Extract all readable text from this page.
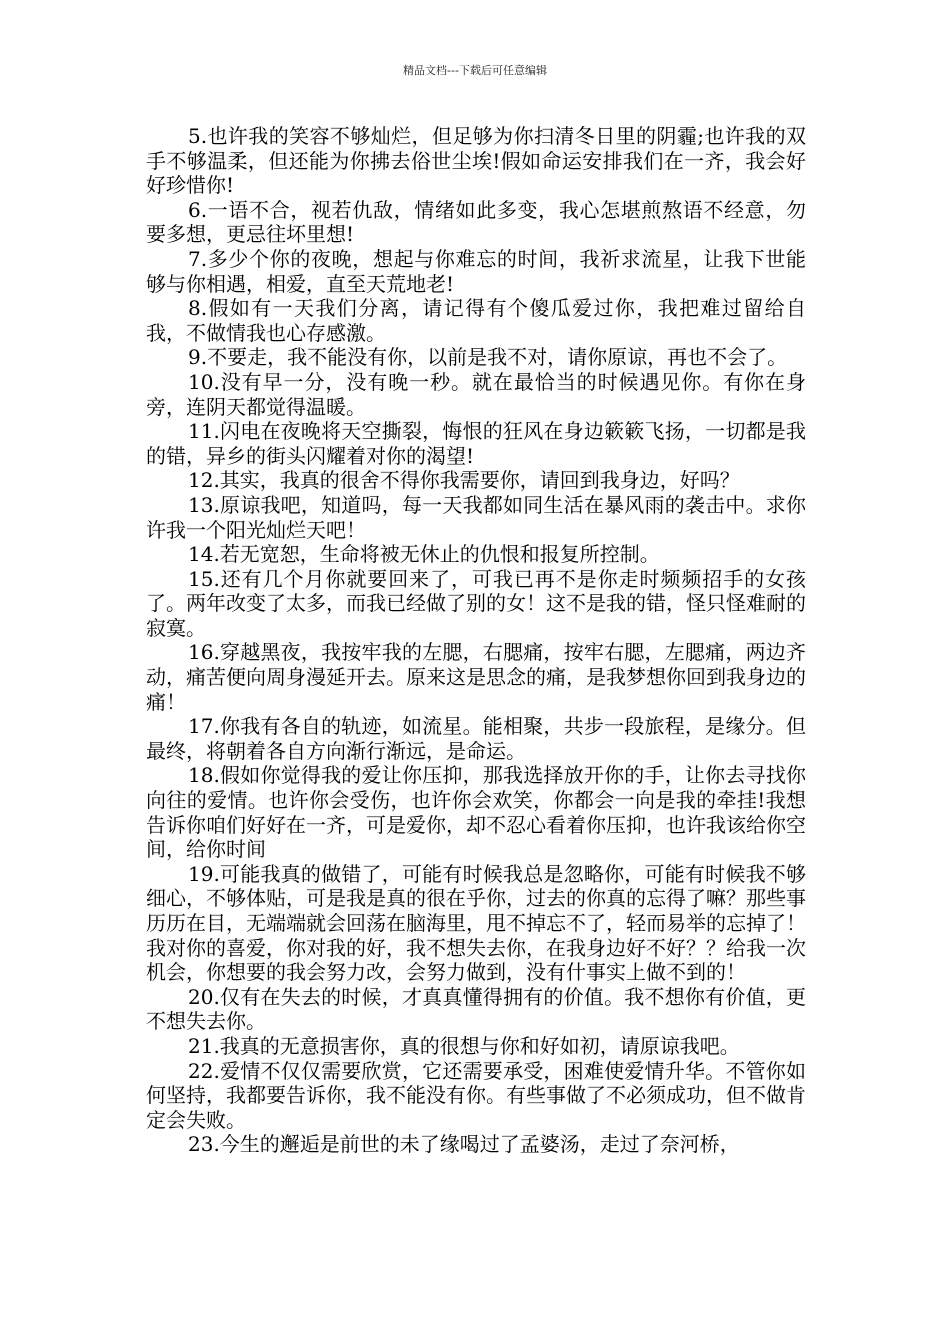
精品文档---下载后可任意编辑

5.也许我的笑容不够灿烂，但足够为你扫清冬日里的阴霾;也许我的双手不够温柔，但还能为你拂去俗世尘埃!假如命运安排我们在一齐，我会好好珍惜你!

6.一语不合，视若仇敌，情绪如此多变，我心怎堪煎熬语不经意，勿要多想，更忌往坏里想!

7.多少个你的夜晚，想起与你难忘的时间，我祈求流星，让我下世能够与你相遇，相爱，直至天荒地老!

8.假如有一天我们分离，请记得有个傻瓜爱过你，我把难过留给自我，不做情我也心存感激。

9.不要走，我不能没有你，以前是我不对，请你原谅，再也不会了。

10.没有早一分，没有晚一秒。就在最恰当的时候遇见你。有你在身旁，连阴天都觉得温暖。

11.闪电在夜晚将天空撕裂，悔恨的狂风在身边簌簌飞扬，一切都是我的错，异乡的街头闪耀着对你的渴望!

12.其实，我真的很舍不得你我需要你，请回到我身边，好吗？

13.原谅我吧，知道吗，每一天我都如同生活在暴风雨的袭击中。求你许我一个阳光灿烂天吧！

14.若无宽恕，生命将被无休止的仇恨和报复所控制。

15.还有几个月你就要回来了，可我已再不是你走时频频招手的女孩了。两年改变了太多，而我已经做了别的女！这不是我的错，怪只怪难耐的寂寞。

16.穿越黑夜，我按牢我的左腮，右腮痛，按牢右腮，左腮痛，两边齐动，痛苦便向周身漫延开去。原来这是思念的痛，是我梦想你回到我身边的痛！

17.你我有各自的轨迹，如流星。能相聚，共步一段旅程，是缘分。但最终，将朝着各自方向渐行渐远，是命运。

18.假如你觉得我的爱让你压抑，那我选择放开你的手，让你去寻找你向往的爱情。也许你会受伤，也许你会欢笑，你都会一向是我的牵挂!我想告诉你咱们好好在一齐，可是爱你，却不忍心看着你压抑，也许我该给你空间，给你时间

19.可能我真的做错了，可能有时候我总是忽略你，可能有时候我不够细心，不够体贴，可是我是真的很在乎你，过去的你真的忘得了嘛？那些事历历在目，无端端就会回荡在脑海里，甩不掉忘不了，轻而易举的忘掉了！我对你的喜爱，你对我的好，我不想失去你，在我身边好不好？？给我一次机会，你想要的我会努力改，会努力做到，没有什事实上做不到的！

20.仅有在失去的时候，才真真懂得拥有的价值。我不想你有价值，更不想失去你。

21.我真的无意损害你，真的很想与你和好如初，请原谅我吧。

22.爱情不仅仅需要欣赏，它还需要承受，困难使爱情升华。不管你如何坚持，我都要告诉你，我不能没有你。有些事做了不必须成功，但不做肯定会失败。

23.今生的邂逅是前世的未了缘喝过了孟婆汤，走过了奈河桥，
